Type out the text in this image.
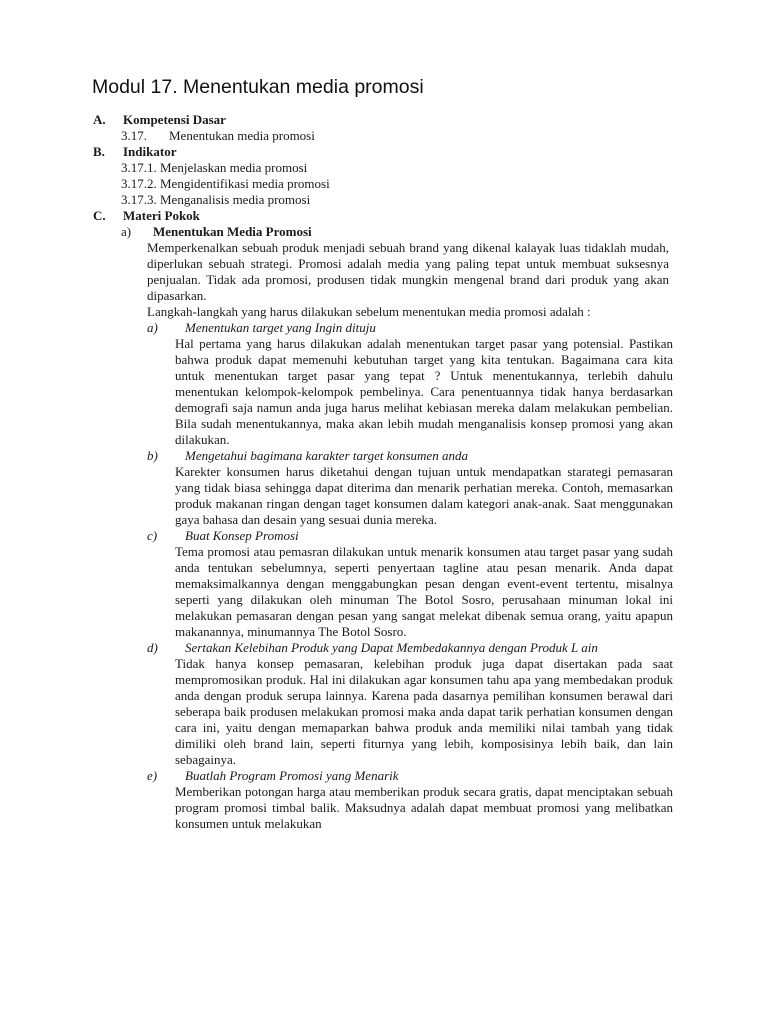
Modul 17. Menentukan media promosi
A.	Kompetensi Dasar
3.17.	Menentukan media promosi
B.	Indikator
3.17.1. Menjelaskan media promosi
3.17.2. Mengidentifikasi media promosi
3.17.3. Menganalisis media promosi
C.	Materi Pokok
a)	Menentukan Media Promosi
Memperkenalkan sebuah produk menjadi sebuah brand yang dikenal kalayak luas tidaklah mudah, diperlukan sebuah strategi. Promosi adalah media yang paling tepat untuk membuat suksesnya penjualan. Tidak ada promosi, produsen tidak mungkin mengenal brand dari produk yang akan dipasarkan.
Langkah-langkah yang harus dilakukan sebelum menentukan media promosi adalah :
a)	Menentukan target yang Ingin dituju
Hal pertama yang harus dilakukan adalah menentukan target pasar yang potensial. Pastikan bahwa produk dapat memenuhi kebutuhan target yang kita tentukan. Bagaimana cara kita untuk menentukan target pasar yang tepat ? Untuk menentukannya, terlebih dahulu menentukan kelompok-kelompok pembelinya. Cara penentuannya tidak hanya berdasarkan demografi saja namun anda juga harus melihat kebiasan mereka dalam melakukan pembelian. Bila sudah menentukannya, maka akan lebih mudah menganalisis konsep promosi yang akan dilakukan.
b)	Mengetahui bagimana karakter target konsumen anda
Karekter konsumen harus diketahui dengan tujuan untuk mendapatkan starategi pemasaran yang tidak biasa sehingga dapat diterima dan menarik perhatian mereka. Contoh, memasarkan produk makanan ringan dengan taget konsumen dalam kategori anak-anak. Saat menggunakan gaya bahasa dan desain yang sesuai dunia mereka.
c)	Buat Konsep Promosi
Tema promosi atau pemasran dilakukan untuk menarik konsumen atau target pasar yang sudah anda tentukan sebelumnya, seperti penyertaan tagline atau pesan menarik. Anda dapat memaksimalkannya dengan menggabungkan pesan dengan event-event tertentu, misalnya seperti yang dilakukan oleh minuman The Botol Sosro, perusahaan minuman lokal ini melakukan pemasaran dengan pesan yang sangat melekat dibenak semua orang, yaitu apapun makanannya, minumannya The Botol Sosro.
d)	Sertakan Kelebihan Produk yang Dapat Membedakannya dengan Produk L ain
Tidak hanya konsep pemasaran, kelebihan produk juga dapat disertakan pada saat mempromosikan produk. Hal ini dilakukan agar konsumen tahu apa yang membedakan produk anda dengan produk serupa lainnya. Karena pada dasarnya pemilihan konsumen berawal dari seberapa baik produsen melakukan promosi maka anda dapat tarik perhatian konsumen dengan cara ini, yaitu dengan memaparkan bahwa produk anda memiliki nilai tambah yang tidak dimiliki oleh brand lain, seperti fiturnya yang lebih, komposisinya lebih baik, dan lain sebagainya.
e)	Buatlah Program Promosi yang Menarik
Memberikan potongan harga atau memberikan produk secara gratis, dapat menciptakan sebuah program promosi timbal balik. Maksudnya adalah dapat membuat promosi yang melibatkan konsumen untuk melakukan
